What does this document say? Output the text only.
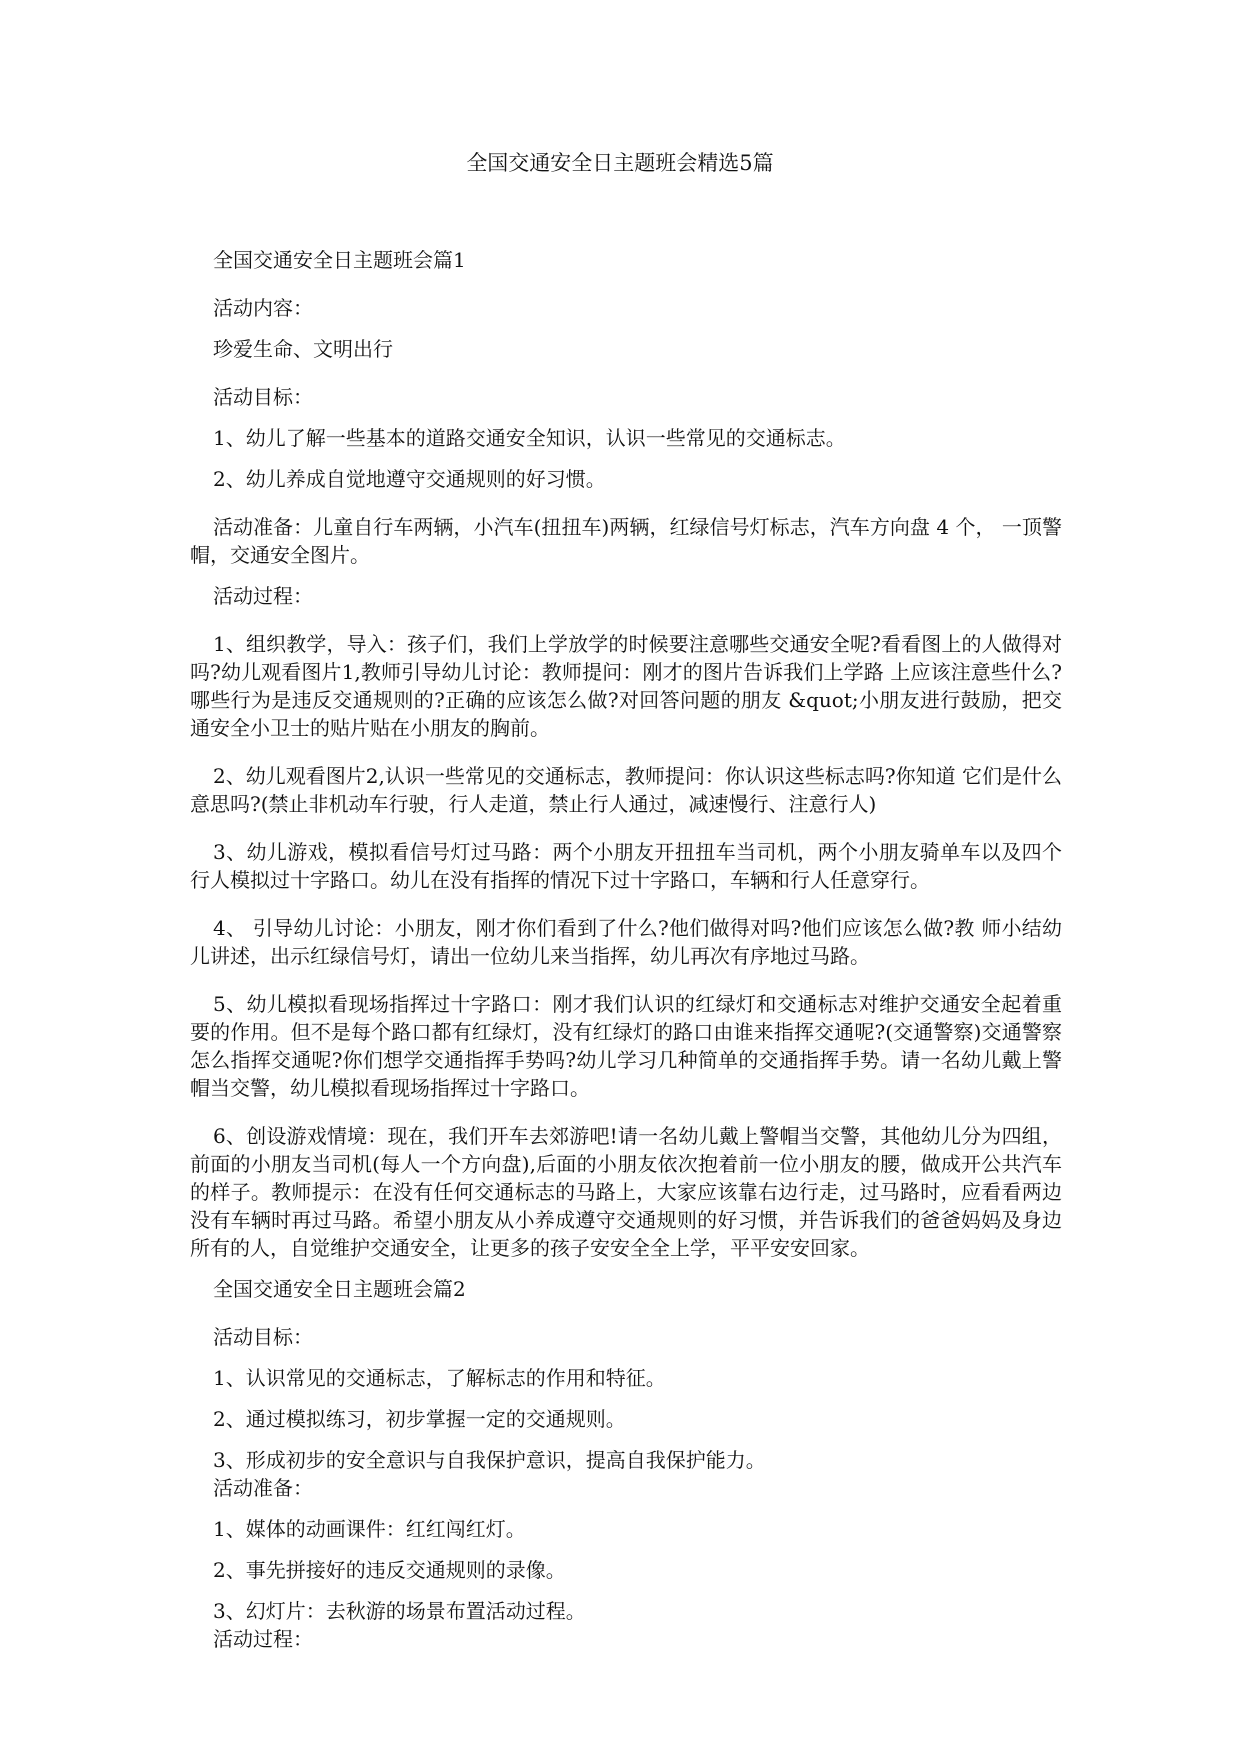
全国交通安全日主题班会精选5篇

全国交通安全日主题班会篇1

活动内容：

珍爱生命、文明出行

活动目标：

1、幼儿了解一些基本的道路交通安全知识，认识一些常见的交通标志。

2、幼儿养成自觉地遵守交通规则的好习惯。

活动准备：儿童自行车两辆，小汽车(扭扭车)两辆，红绿信号灯标志，汽车方向盘 4 个， 一顶警帽，交通安全图片。

活动过程：

1、组织教学，导入：孩子们，我们上学放学的时候要注意哪些交通安全呢?看看图上的人做得对吗?幼儿观看图片1,教师引导幼儿讨论：教师提问：刚才的图片告诉我们上学路 上应该注意些什么?哪些行为是违反交通规则的?正确的应该怎么做?对回答问题的朋友 &quot;小朋友进行鼓励，把交通安全小卫士的贴片贴在小朋友的胸前。

2、幼儿观看图片2,认识一些常见的交通标志，教师提问：你认识这些标志吗?你知道 它们是什么意思吗?(禁止非机动车行驶，行人走道，禁止行人通过，减速慢行、注意行人)

3、幼儿游戏，模拟看信号灯过马路：两个小朋友开扭扭车当司机，两个小朋友骑单车以及四个行人模拟过十字路口。幼儿在没有指挥的情况下过十字路口，车辆和行人任意穿行。

4、 引导幼儿讨论：小朋友，刚才你们看到了什么?他们做得对吗?他们应该怎么做?教 师小结幼儿讲述，出示红绿信号灯，请出一位幼儿来当指挥，幼儿再次有序地过马路。

5、幼儿模拟看现场指挥过十字路口：刚才我们认识的红绿灯和交通标志对维护交通安全起着重要的作用。但不是每个路口都有红绿灯，没有红绿灯的路口由谁来指挥交通呢?(交通警察)交通警察怎么指挥交通呢?你们想学交通指挥手势吗?幼儿学习几种简单的交通指挥手势。请一名幼儿戴上警帽当交警，幼儿模拟看现场指挥过十字路口。

6、创设游戏情境：现在，我们开车去郊游吧!请一名幼儿戴上警帽当交警，其他幼儿分为四组，前面的小朋友当司机(每人一个方向盘),后面的小朋友依次抱着前一位小朋友的腰，做成开公共汽车的样子。教师提示：在没有任何交通标志的马路上，大家应该靠右边行走，过马路时，应看看两边没有车辆时再过马路。希望小朋友从小养成遵守交通规则的好习惯，并告诉我们的爸爸妈妈及身边所有的人，自觉维护交通安全，让更多的孩子安安全全上学，平平安安回家。

全国交通安全日主题班会篇2

活动目标：

1、认识常见的交通标志，了解标志的作用和特征。

2、通过模拟练习，初步掌握一定的交通规则。

3、形成初步的安全意识与自我保护意识，提高自我保护能力。

活动准备：

1、媒体的动画课件：红红闯红灯。

2、事先拼接好的违反交通规则的录像。

3、幻灯片：去秋游的场景布置活动过程。

活动过程：
